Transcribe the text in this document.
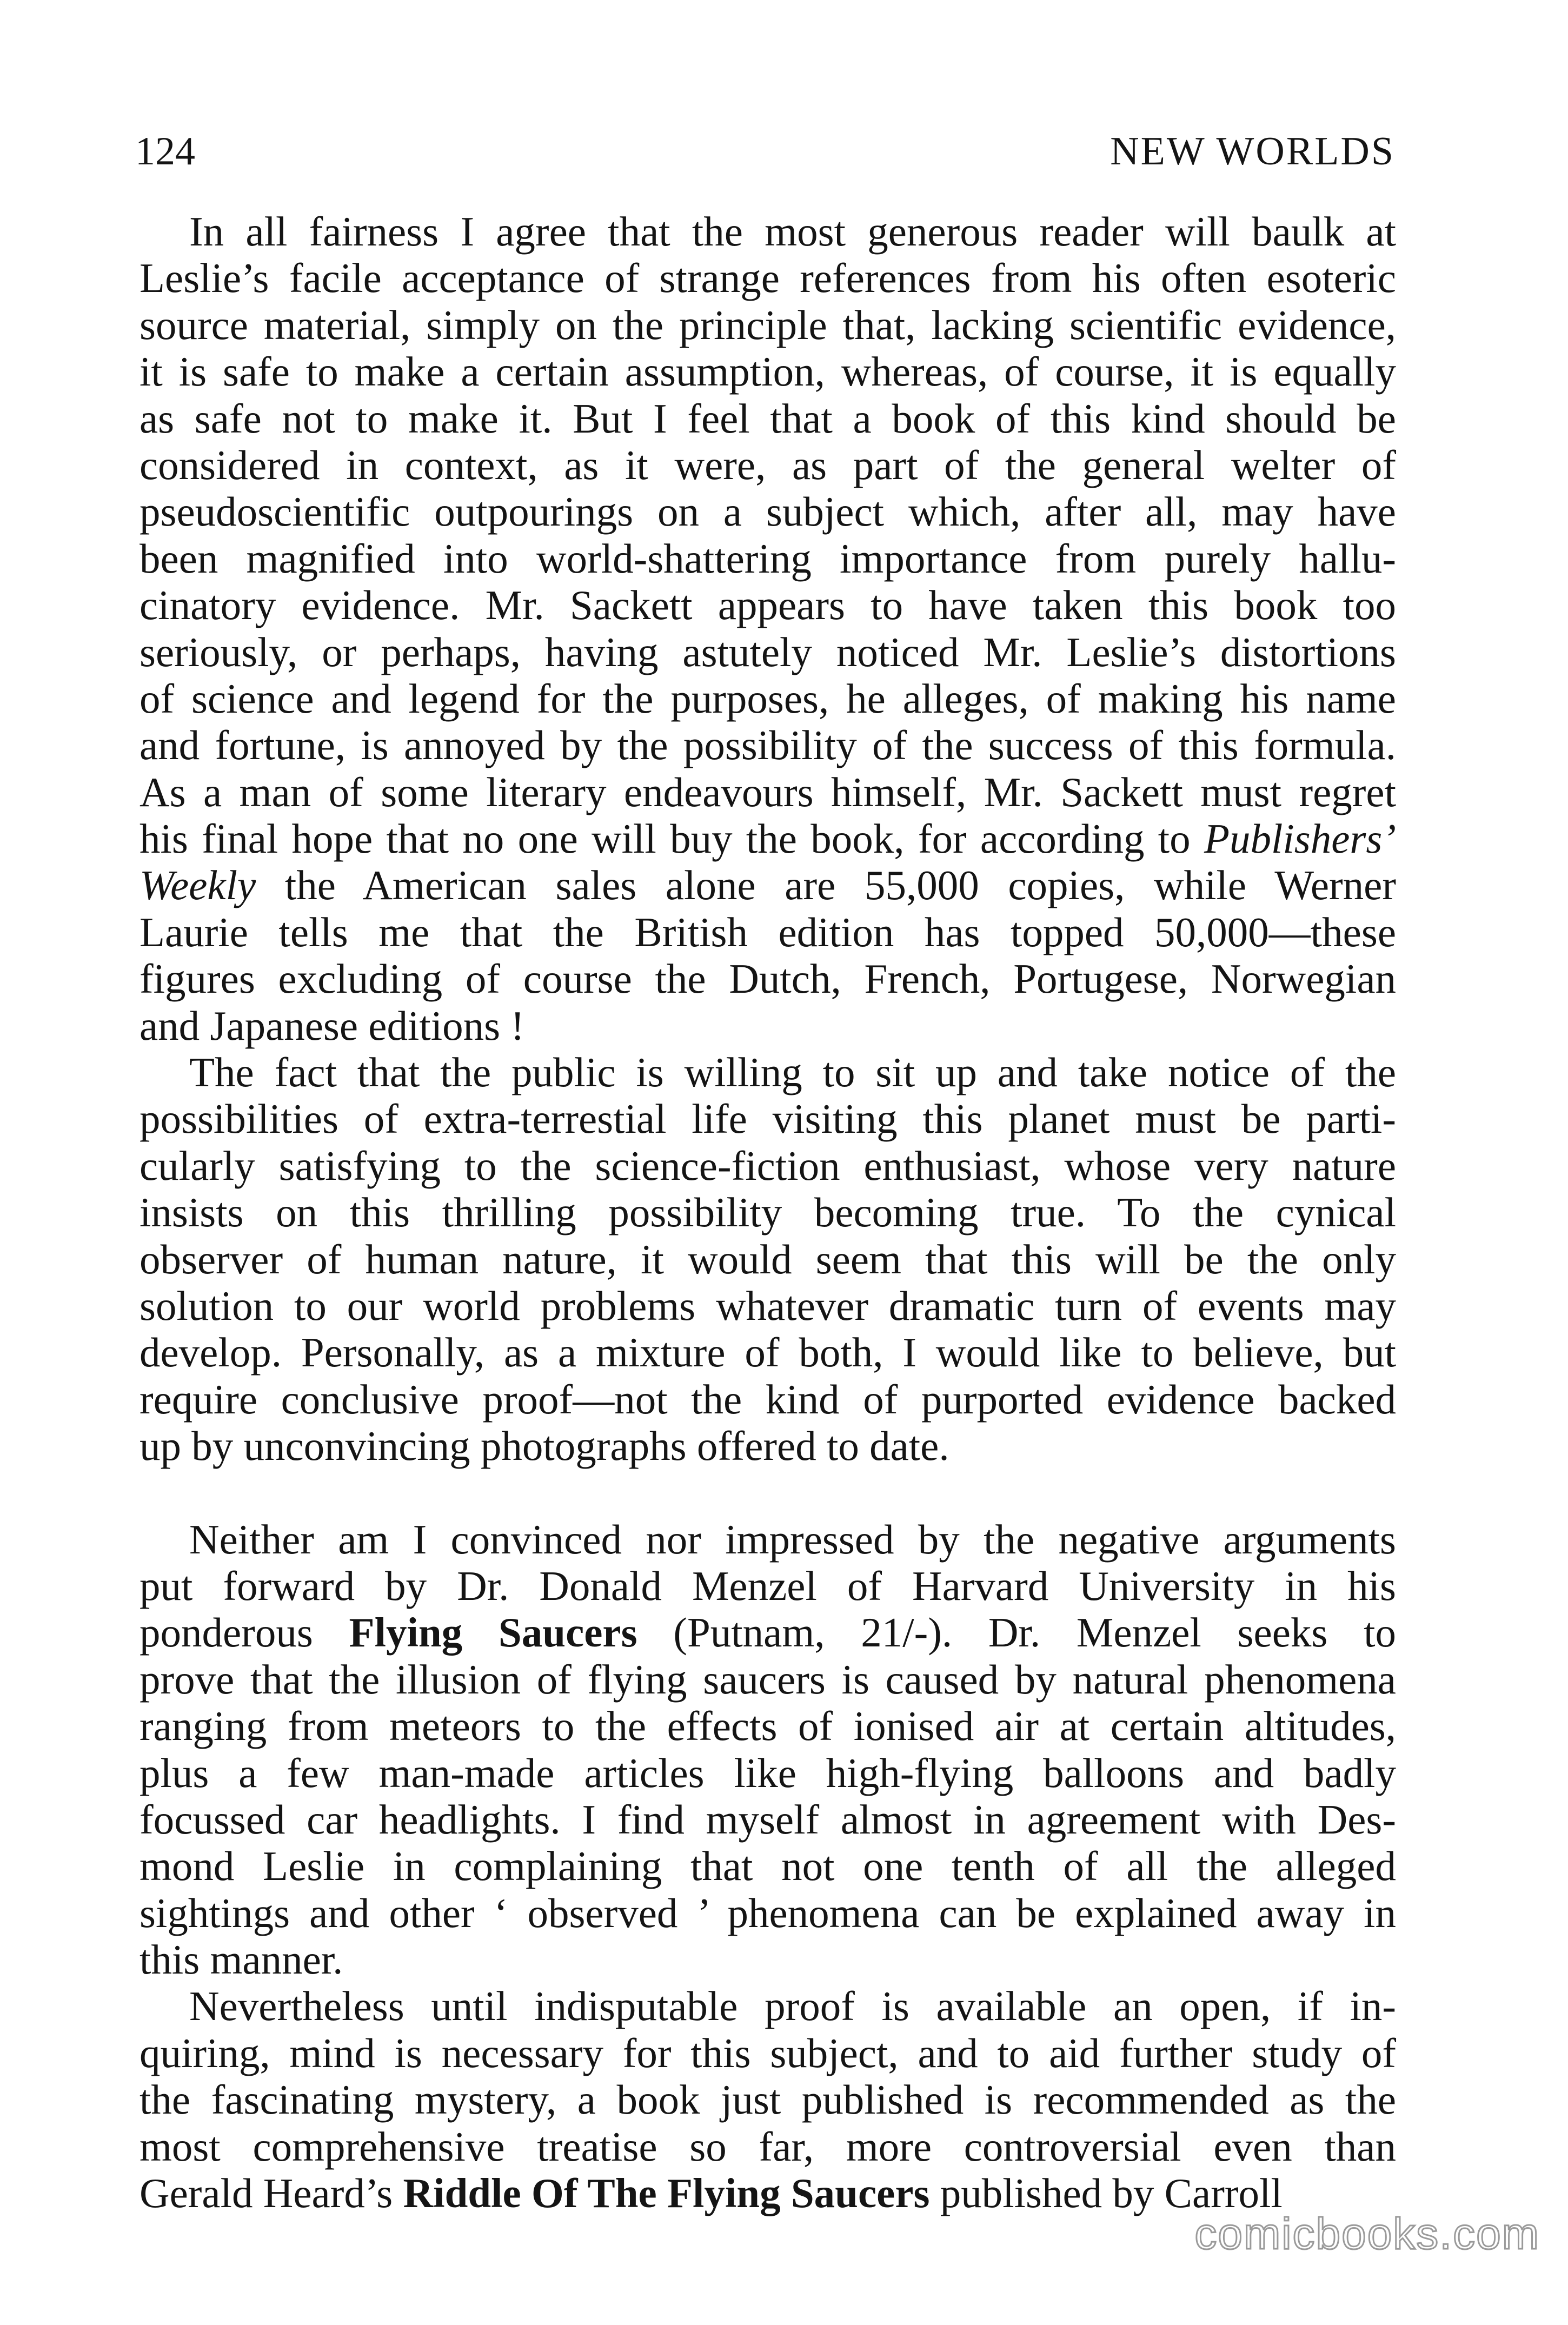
124	NEW WORLDS
In all fairness I agree that the most generous reader will baulk at
Leslie’s facile acceptance of strange references from his often esoteric
source material, simply on the principle that, lacking scientific evidence,
it is safe to make a certain assumption, whereas, of course, it is equally
as safe not to make it. But I feel that a book of this kind should be
considered in context, as it were, as part of the general welter of
pseudoscientific outpourings on a subject which, after all, may have
been magnified into world-shattering importance from purely hallu-
cinatory evidence. Mr. Sackett appears to have taken this book too
seriously, or perhaps, having astutely noticed Mr. Leslie’s distortions
of science and legend for the purposes, he alleges, of making his name
and fortune, is annoyed by the possibility of the success of this formula.
As a man of some literary endeavours himself, Mr. Sackett must regret
his final hope that no one will buy the book, for according to Publishers’
Weekly the American sales alone are 55,000 copies, while Werner
Laurie tells me that the British edition has topped 50,000—these
figures excluding of course the Dutch, French, Portugese, Norwegian
and Japanese editions !
The fact that the public is willing to sit up and take notice of the
possibilities of extra-terrestial life visiting this planet must be parti-
cularly satisfying to the science-fiction enthusiast, whose very nature
insists on this thrilling possibility becoming true. To the cynical
observer of human nature, it would seem that this will be the only
solution to our world problems whatever dramatic turn of events may
develop. Personally, as a mixture of both, I would like to believe, but
require conclusive proof—not the kind of purported evidence backed
up by unconvincing photographs offered to date.
Neither am I convinced nor impressed by the negative arguments
put forward by Dr. Donald Menzel of Harvard University in his
ponderous Flying Saucers (Putnam, 21/-). Dr. Menzel seeks to
prove that the illusion of flying saucers is caused by natural phenomena
ranging from meteors to the effects of ionised air at certain altitudes,
plus a few man-made articles like high-flying balloons and badly
focussed car headlights. I find myself almost in agreement with Des-
mond Leslie in complaining that not one tenth of all the alleged
sightings and other ‘ observed ’ phenomena can be explained away in
this manner.
Nevertheless until indisputable proof is available an open, if in-
quiring, mind is necessary for this subject, and to aid further study of
the fascinating mystery, a book just published is recommended as the
most comprehensive treatise so far, more controversial even than
Gerald Heard’s Riddle Of The Flying Saucers published by Carroll
comicbooks.com
